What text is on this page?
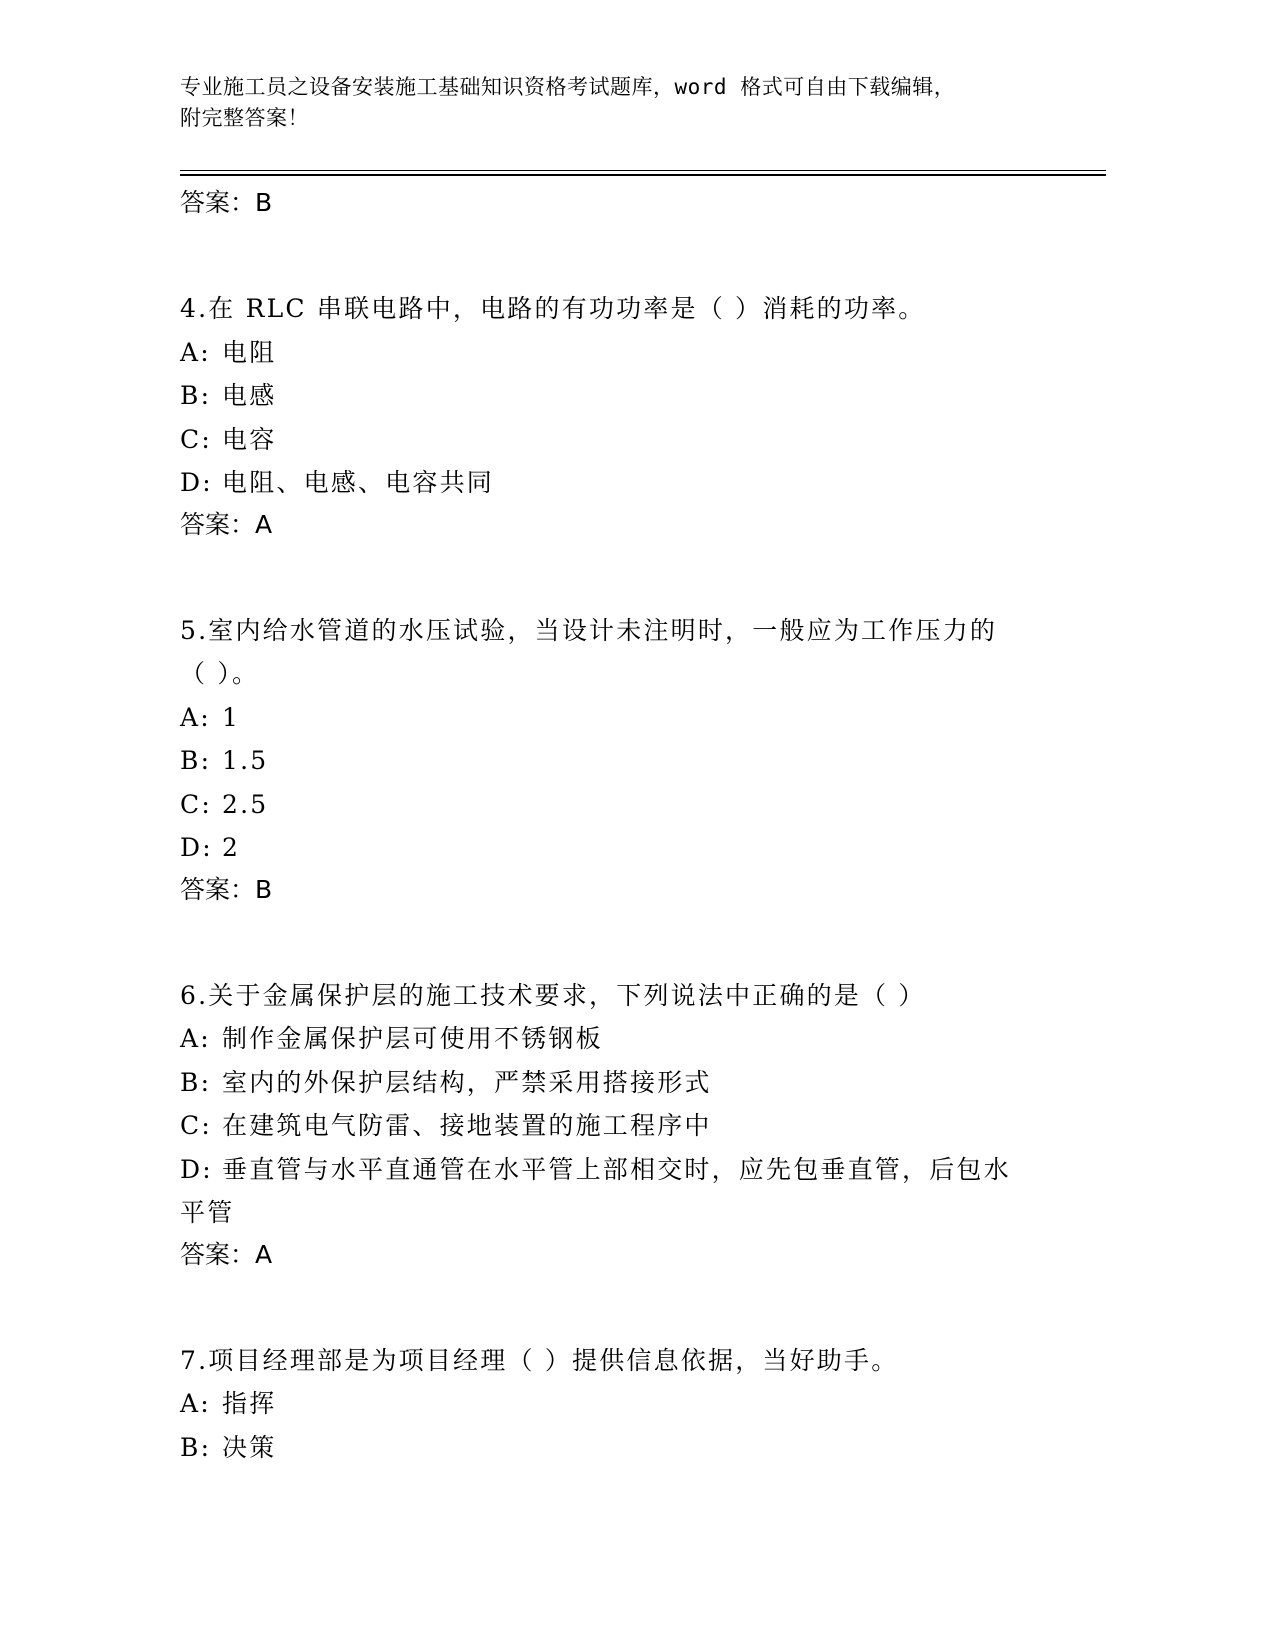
专业施工员之设备安装施工基础知识资格考试题库，word 格式可自由下载编辑，
附完整答案！
答案：B
4.在 RLC 串联电路中，电路的有功功率是（ ）消耗的功率。
A: 电阻
B: 电感
C: 电容
D: 电阻、电感、电容共同
答案：A
5.室内给水管道的水压试验，当设计未注明时，一般应为工作压力的
（ ）。
A: 1
B: 1.5
C: 2.5
D: 2
答案：B
6.关于金属保护层的施工技术要求，下列说法中正确的是（ ）
A: 制作金属保护层可使用不锈钢板
B: 室内的外保护层结构，严禁采用搭接形式
C: 在建筑电气防雷、接地装置的施工程序中
D: 垂直管与水平直通管在水平管上部相交时，应先包垂直管，后包水
平管
答案：A
7.项目经理部是为项目经理（ ）提供信息依据，当好助手。
A: 指挥
B: 决策
